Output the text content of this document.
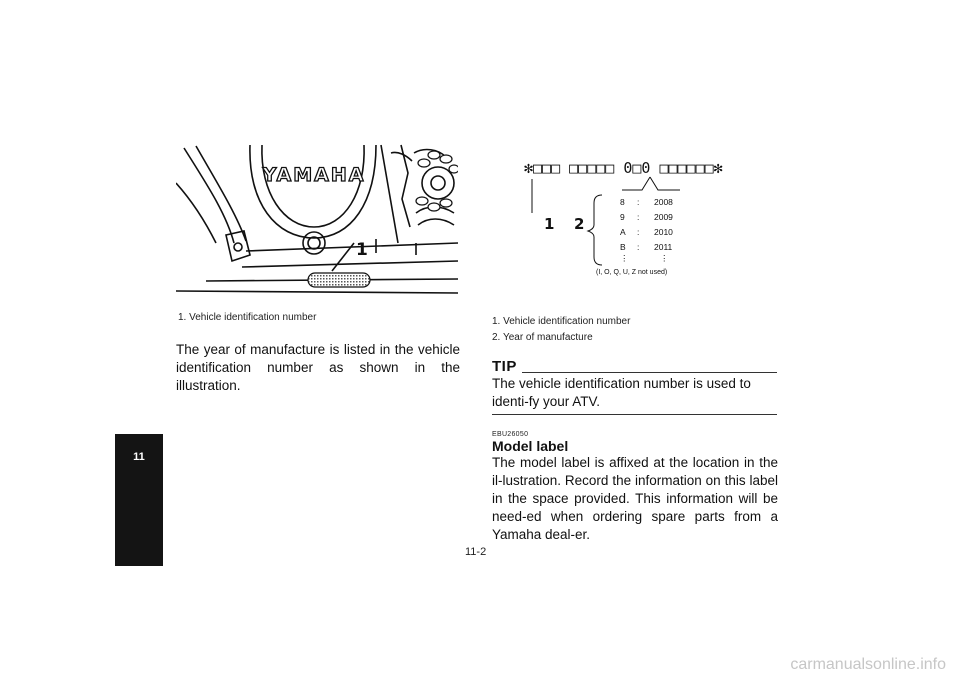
11
YAMAHA
1
1. Vehicle identification number
The year of manufacture is listed in the vehicle identification number as shown in the illustration.
✻□□□ □□□□□ 0□0 □□□□□□✻
1 2
8 : 2008
9 : 2009
A : 2010
B : 2011
⋮	⋮
(I, O, Q, U, Z not used)
1. Vehicle identification number
2. Year of manufacture
TIP
The vehicle identification number is used to identi-fy your ATV.
EBU26050
Model label
The model label is affixed at the location in the il-lustration. Record the information on this label in the space provided. This information will be need-ed when ordering spare parts from a Yamaha deal-er.
11-2
carmanualsonline.info
